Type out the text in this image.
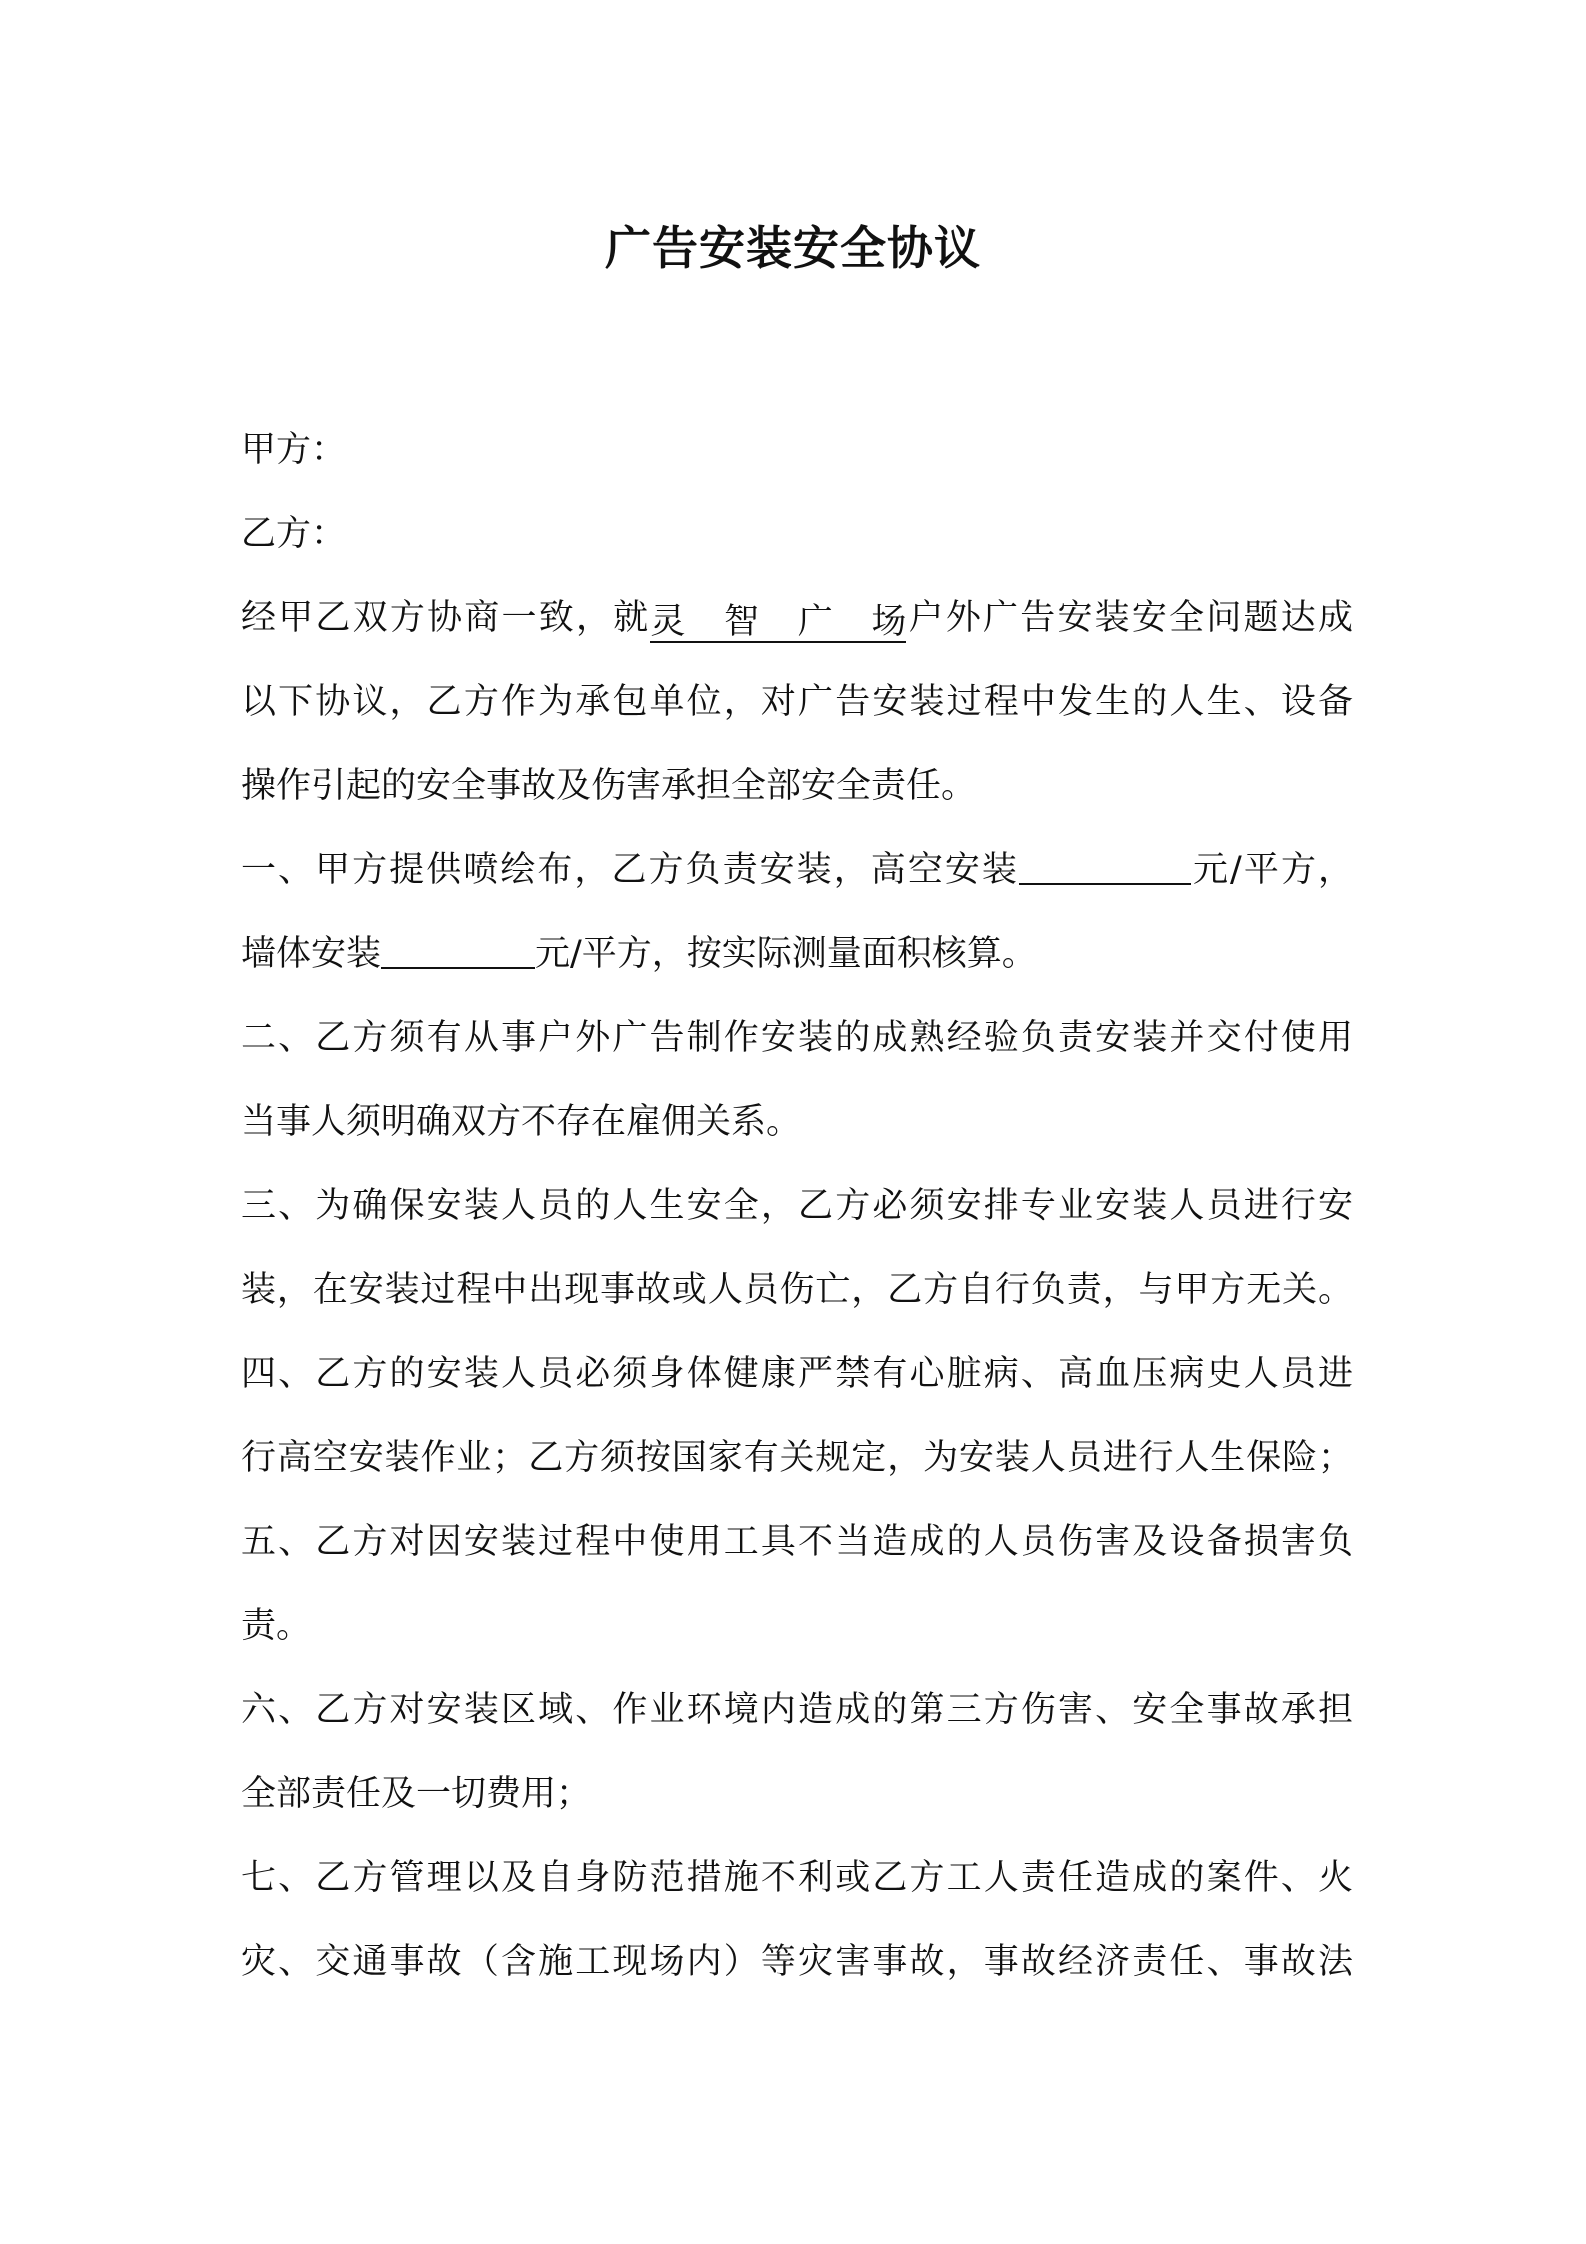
广告安装安全协议
甲方：
乙方：
经甲乙双方协商一致，就灵智广场户外广告安装安全问题达成
以下协议，乙方作为承包单位，对广告安装过程中发生的人生、设备
操作引起的安全事故及伤害承担全部安全责任。
一、甲方提供喷绘布，乙方负责安装，高空安装	元/平方，
墙体安装	元/平方，按实际测量面积核算。
二、乙方须有从事户外广告制作安装的成熟经验负责安装并交付使用
当事人须明确双方不存在雇佣关系。
三、为确保安装人员的人生安全，乙方必须安排专业安装人员进行安
装，在安装过程中出现事故或人员伤亡，乙方自行负责，与甲方无关。
四、乙方的安装人员必须身体健康严禁有心脏病、高血压病史人员进
行高空安装作业；乙方须按国家有关规定，为安装人员进行人生保险；
五、乙方对因安装过程中使用工具不当造成的人员伤害及设备损害负
责。
六、乙方对安装区域、作业环境内造成的第三方伤害、安全事故承担
全部责任及一切费用；
七、乙方管理以及自身防范措施不利或乙方工人责任造成的案件、火
灾、交通事故（含施工现场内）等灾害事故，事故经济责任、事故法
